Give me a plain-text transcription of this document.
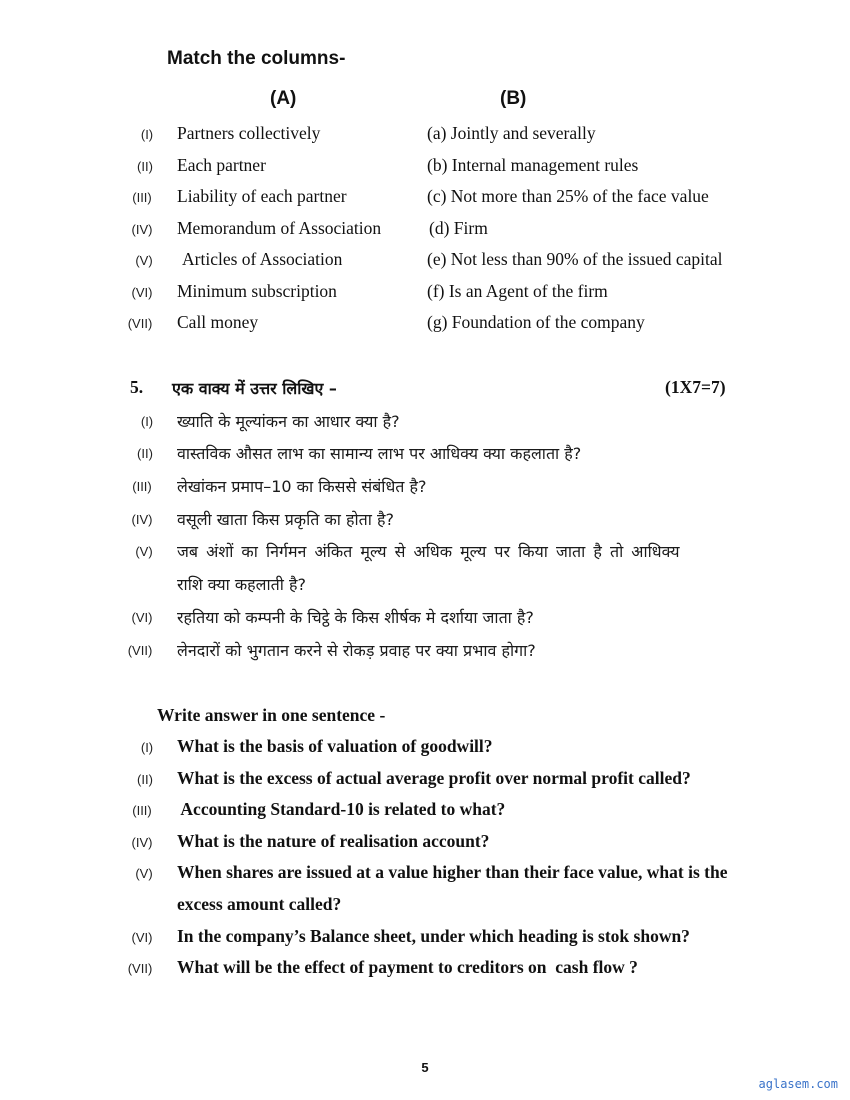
Match the columns-
(A)	(B)
(I)	Partners collectively	(a) Jointly and severally
(II)	Each partner	(b) Internal management rules
(III)	Liability of each partner	(c) Not more than 25% of the face value
(IV)	Memorandum of Association	(d) Firm
(V)	Articles of Association	(e) Not less than 90% of the issued capital
(VI)	Minimum subscription	(f) Is an Agent of the firm
(VII)	Call money	(g) Foundation of the company
5. एक वाक्य में उत्तर लिखिए –	(1X7=7)
(I)	ख्याति के मूल्यांकन का आधार क्या है?
(II)	वास्तविक औसत लाभ का सामान्य लाभ पर आधिक्य क्या कहलाता है?
(III)	लेखांकन प्रमाप–10 का किससे संबंधित है?
(IV)	वसूली खाता किस प्रकृति का होता है?
(V)	जब अंशों का निर्गमन अंकित मूल्य से अधिक मूल्य पर किया जाता है तो आधिक्य
राशि क्या कहलाती है?
(VI)	रहतिया को कम्पनी के चिट्ठे के किस शीर्षक मे दर्शाया जाता है?
(VII)	लेनदारों को भुगतान करने से रोकड़ प्रवाह पर क्या प्रभाव होगा?
Write answer in one sentence -
(I)	What is the basis of valuation of goodwill?
(II)	What is the excess of actual average profit over normal profit called?
(III)	Accounting Standard-10 is related to what?
(IV)	What is the nature of realisation account?
(V)	When shares are issued at a value higher than their face value, what is the
excess amount called?
(VI)	In the company’s Balance sheet, under which heading is stok shown?
(VII)	What will be the effect of payment to creditors on  cash flow ?
5
aglasem.com
